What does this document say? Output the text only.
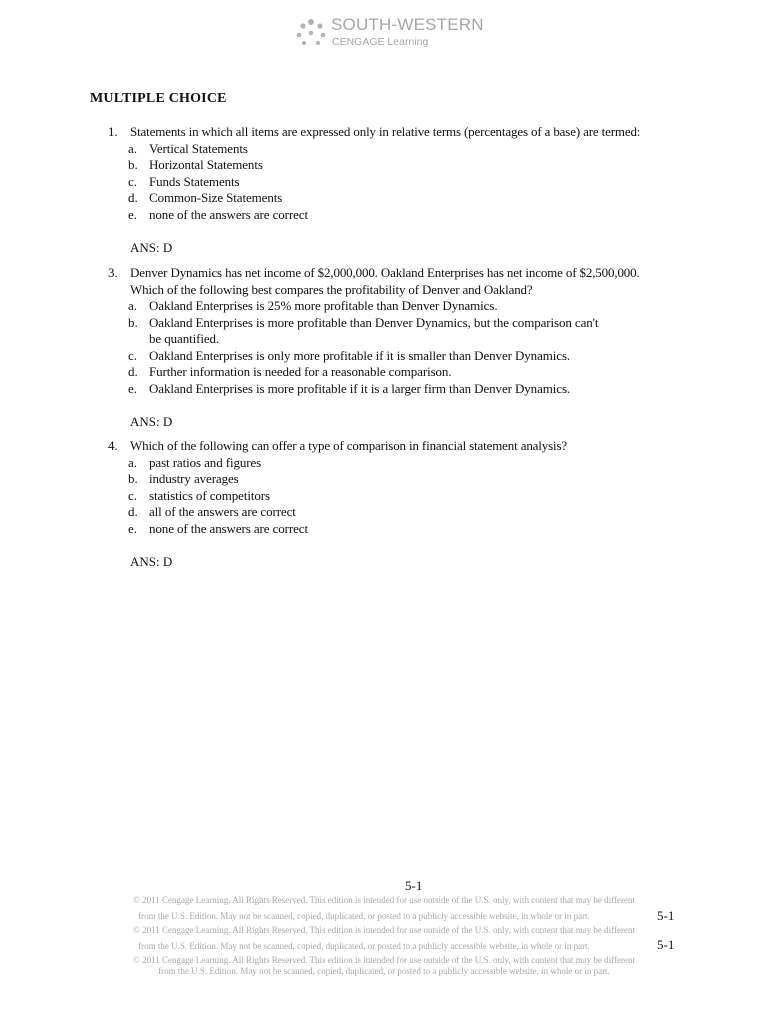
SOUTH-WESTERN
CENGAGE Learning
MULTIPLE CHOICE
1. Statements in which all items are expressed only in relative terms (percentages of a base) are termed:
a. Vertical Statements
b. Horizontal Statements
c. Funds Statements
d. Common-Size Statements
e. none of the answers are correct
ANS: D
3. Denver Dynamics has net income of $2,000,000. Oakland Enterprises has net income of $2,500,000.
Which of the following best compares the profitability of Denver and Oakland?
a. Oakland Enterprises is 25% more profitable than Denver Dynamics.
b. Oakland Enterprises is more profitable than Denver Dynamics, but the comparison can't
be quantified.
c. Oakland Enterprises is only more profitable if it is smaller than Denver Dynamics.
d. Further information is needed for a reasonable comparison.
e. Oakland Enterprises is more profitable if it is a larger firm than Denver Dynamics.
ANS: D
4. Which of the following can offer a type of comparison in financial statement analysis?
a. past ratios and figures
b. industry averages
c. statistics of competitors
d. all of the answers are correct
e. none of the answers are correct
ANS: D
5-1
© 2011 Cengage Learning. All Rights Reserved. This edition is intended for use outside of the U.S. only, with content that may be different
from the U.S. Edition. May not be scanned, copied, duplicated, or posted to a publicly accessible website, in whole or in part.	5-1
© 2011 Cengage Learning. All Rights Reserved. This edition is intended for use outside of the U.S. only, with content that may be different
from the U.S. Edition. May not be scanned, copied, duplicated, or posted to a publicly accessible website, in whole or in part.	5-1
© 2011 Cengage Learning. All Rights Reserved. This edition is intended for use outside of the U.S. only, with content that may be different
from the U.S. Edition. May not be scanned, copied, duplicated, or posted to a publicly accessible website, in whole or in part.
